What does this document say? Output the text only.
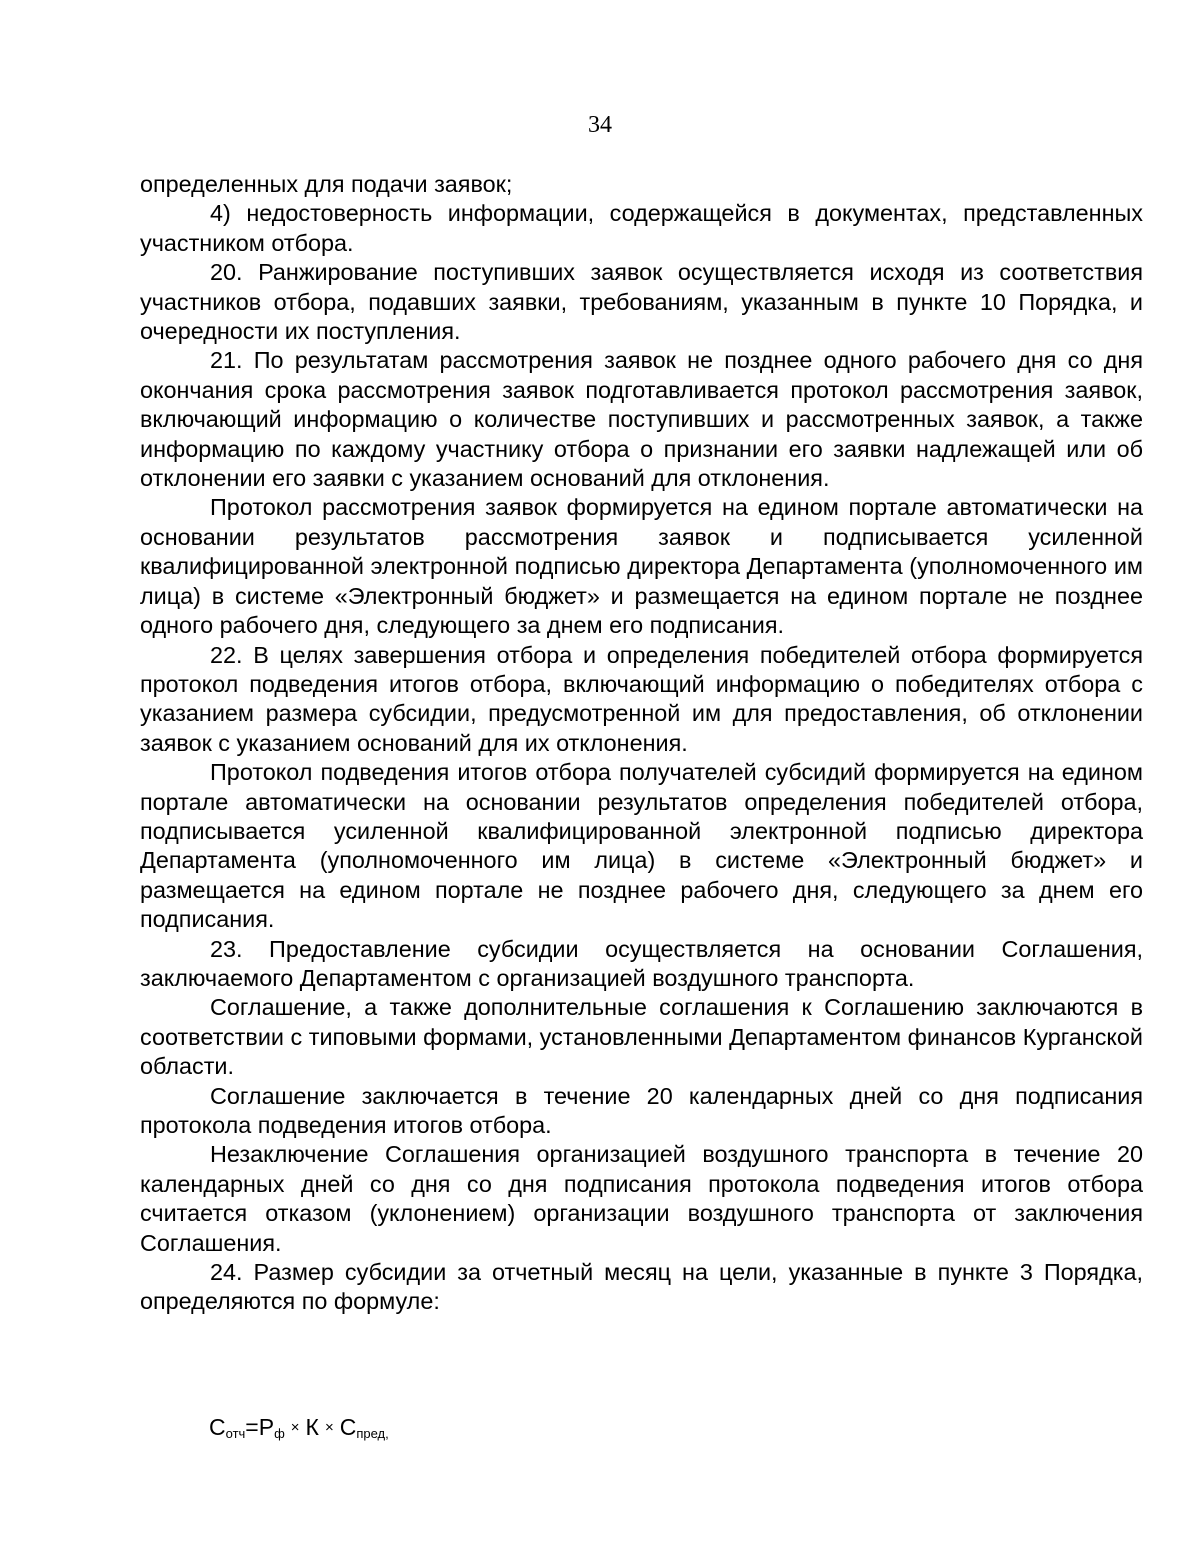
34

определенных для подачи заявок;

4) недостоверность информации, содержащейся в документах, представленных участником отбора.

20. Ранжирование поступивших заявок осуществляется исходя из соответствия участников отбора, подавших заявки, требованиям, указанным в пункте 10 Порядка, и очередности их поступления.

21. По результатам рассмотрения заявок не позднее одного рабочего дня со дня окончания срока рассмотрения заявок подготавливается протокол рассмотрения заявок, включающий информацию о количестве поступивших и рассмотренных заявок, а также информацию по каждому участнику отбора о признании его заявки надлежащей или об отклонении его заявки с указанием оснований для отклонения.

Протокол рассмотрения заявок формируется на едином портале автоматически на основании результатов рассмотрения заявок и подписывается усиленной квалифицированной электронной подписью директора Департамента (уполномоченного им лица) в системе «Электронный бюджет» и размещается на едином портале не позднее одного рабочего дня, следующего за днем его подписания.

22. В целях завершения отбора и определения победителей отбора формируется протокол подведения итогов отбора, включающий информацию о победителях отбора с указанием размера субсидии, предусмотренной им для предоставления, об отклонении заявок с указанием оснований для их отклонения.

Протокол подведения итогов отбора получателей субсидий формируется на едином портале автоматически на основании результатов определения победителей отбора, подписывается усиленной квалифицированной электронной подписью директора Департамента (уполномоченного им лица) в системе «Электронный бюджет» и размещается на едином портале не позднее рабочего дня, следующего за днем его подписания.

23. Предоставление субсидии осуществляется на основании Соглашения, заключаемого Департаментом с организацией воздушного транспорта.

Соглашение, а также дополнительные соглашения к Соглашению заключаются в соответствии с типовыми формами, установленными Департаментом финансов Курганской области.

Соглашение заключается в течение 20 календарных дней со дня подписания протокола подведения итогов отбора.

Незаключение Соглашения организацией воздушного транспорта в течение 20 календарных дней со дня со дня подписания протокола подведения итогов отбора считается отказом (уклонением) организации воздушного транспорта от заключения Соглашения.

24. Размер субсидии за отчетный месяц на цели, указанные в пункте 3 Порядка, определяются по формуле:

$С_{отч}=Р_ф \times К \times С_{пред,}$
